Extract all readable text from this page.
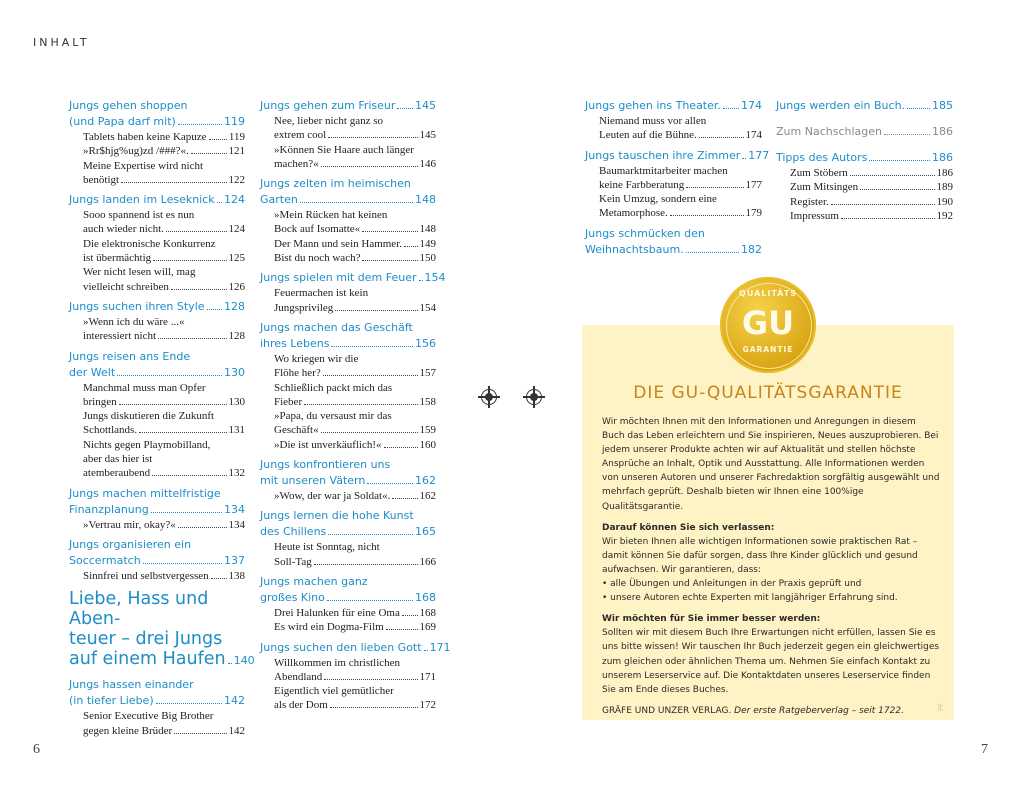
INHALT
Jungs gehen shoppen
(und Papa darf mit)	119
Tablets haben keine Kapuze 119
»Rr$hjg%ug)zd /###?«.	121
Meine Expertise wird nicht
benötigt	122
Jungs landen im Leseknick 124
Sooo spannend ist es nun
auch wieder nicht.	124
Die elektronische Konkurrenz
ist übermächtig	125
Wer nicht lesen will, mag
vielleicht schreiben	126
Jungs suchen ihren Style 128
»Wenn ich du wäre ...«
interessiert nicht	128
Jungs reisen ans Ende
der Welt	130
Manchmal muss man Opfer
bringen	130
Jungs diskutieren die Zukunft
Schottlands.	131
Nichts gegen Playmobilland,
aber das hier ist
atemberaubend	132
Jungs machen mittelfristige
Finanzplanung	134
»Vertrau mir, okay?«	134
Jungs organisieren ein
Soccermatch	137
Sinnfrei und selbstvergessen 138
Liebe, Hass und Aben-
teuer – drei Jungs
auf einem Haufen 140
Jungs hassen einander
(in tiefer Liebe)	142
Senior Executive Big Brother
gegen kleine Brüder	142
Jungs gehen zum Friseur 145
Nee, lieber nicht ganz so
extrem cool	145
»Können Sie Haare auch länger
machen?«	146
Jungs zelten im heimischen
Garten	148
»Mein Rücken hat keinen
Bock auf Isomatte«	148
Der Mann und sein Hammer. 149
Bist du noch wach?	150
Jungs spielen mit dem Feuer 154
Feuermachen ist kein
Jungsprivileg	154
Jungs machen das Geschäft
ihres Lebens	156
Wo kriegen wir die
Flöhe her?	157
Schließlich packt mich das
Fieber	158
»Papa, du versaust mir das
Geschäft«	159
»Die ist unverkäuflich!«	160
Jungs konfrontieren uns
mit unseren Vätern	162
»Wow, der war ja Soldat«.	162
Jungs lernen die hohe Kunst
des Chillens	165
Heute ist Sonntag, nicht
Soll-Tag	166
Jungs machen ganz
großes Kino	168
Drei Halunken für eine Oma 168
Es wird ein Dogma-Film	169
Jungs suchen den lieben Gott 171
Willkommen im christlichen
Abendland	171
Eigentlich viel gemütlicher
als der Dom	172
Jungs gehen ins Theater. 174
Niemand muss vor allen
Leuten auf die Bühne.	174
Jungs tauschen ihre Zimmer 177
Baumarktmitarbeiter machen
keine Farbberatung	177
Kein Umzug, sondern eine
Metamorphose.	179
Jungs schmücken den
Weihnachtsbaum.	182
Jungs werden ein Buch. 185
Zum Nachschlagen	186
Tipps des Autors	186
Zum Stöbern	186
Zum Mitsingen	189
Register.	190
Impressum	192
QUALITÄTS
GU
GARANTIE
DIE GU-QUALITÄTSGARANTIE

Wir möchten Ihnen mit den Informationen und Anregungen in diesem Buch das Leben erleichtern und Sie inspirieren, Neues auszuprobieren. Bei jedem unserer Produkte achten wir auf Aktualität und stellen höchste Ansprüche an Inhalt, Optik und Ausstattung. Alle Informationen werden von unseren Autoren und unserer Fachredaktion sorgfältig ausgewählt und mehrfach geprüft. Deshalb bieten wir Ihnen eine 100%ige Qualitätsgarantie.

Darauf können Sie sich verlassen:
Wir bieten Ihnen alle wichtigen Informationen sowie praktischen Rat – damit können Sie dafür sorgen, dass Ihre Kinder glücklich und gesund aufwachsen. Wir garantieren, dass:
• alle Übungen und Anleitungen in der Praxis geprüft und

• unsere Autoren echte Experten mit langjähriger Erfahrung sind.

Wir möchten für Sie immer besser werden:

Sollten wir mit diesem Buch Ihre Erwartungen nicht erfüllen, lassen Sie es uns bitte wissen! Wir tauschen Ihr Buch jederzeit gegen ein gleichwertiges zum gleichen oder ähnlichen Thema um. Nehmen Sie einfach Kontakt zu unserem Leserservice auf. Die Kontaktdaten unseres Leserservice finden Sie am Ende dieses Buches.

GRÄFE UND UNZER VERLAG. Der erste Ratgeberverlag – seit 1722.	PF
6	7
